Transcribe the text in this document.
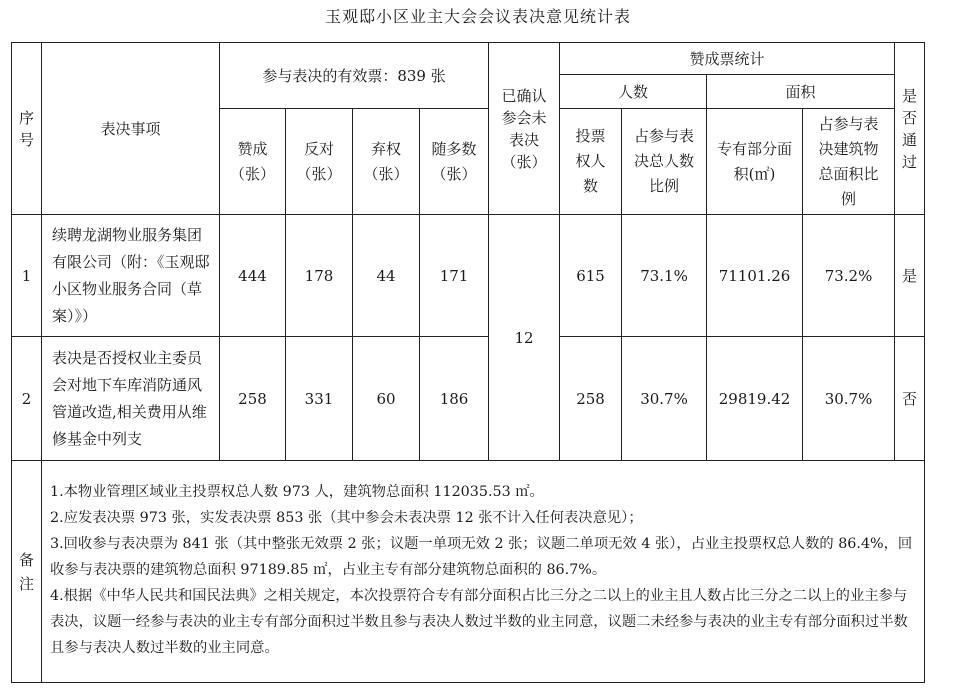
玉观邸小区业主大会会议表决意见统计表
序号	表决事项	参与表决的有效票：839 张				已确认参会未表决（张）	赞成票统计				是否通过
							人数		面积		
		赞成（张）	反对（张）	弃权（张）	随多数（张）		投票权人数	占参与表决总人数比例	专有部分面积(㎡)	占参与表决建筑物总面积比例	
1	续聘龙湖物业服务集团有限公司（附：《玉观邸小区物业服务合同（草案）》）	444	178	44	171	12	615	73.1%	71101.26	73.2%	是
2	表决是否授权业主委员会对地下车库消防通风管道改造,相关费用从维修基金中列支	258	331	60	186		258	30.7%	29819.42	30.7%	否
备注	1.本物业管理区域业主投票权总人数 973 人，建筑物总面积 112035.53 ㎡。

2.应发表决票 973 张，实发表决票 853 张（其中参会未表决票 12 张不计入任何表决意见）；

3.回收参与表决票为 841 张（其中整张无效票 2 张；议题一单项无效 2 张；议题二单项无效 4 张），占业主投票权总人数的 86.4%，回收参与表决票的建筑物总面积 97189.85 ㎡，占业主专有部分建筑物总面积的 86.7%。

4.根据《中华人民共和国民法典》之相关规定，本次投票符合专有部分面积占比三分之二以上的业主且人数占比三分之二以上的业主参与表决，议题一经参与表决的业主专有部分面积过半数且参与表决人数过半数的业主同意，议题二未经参与表决的业主专有部分面积过半数且参与表决人数过半数的业主同意。										
